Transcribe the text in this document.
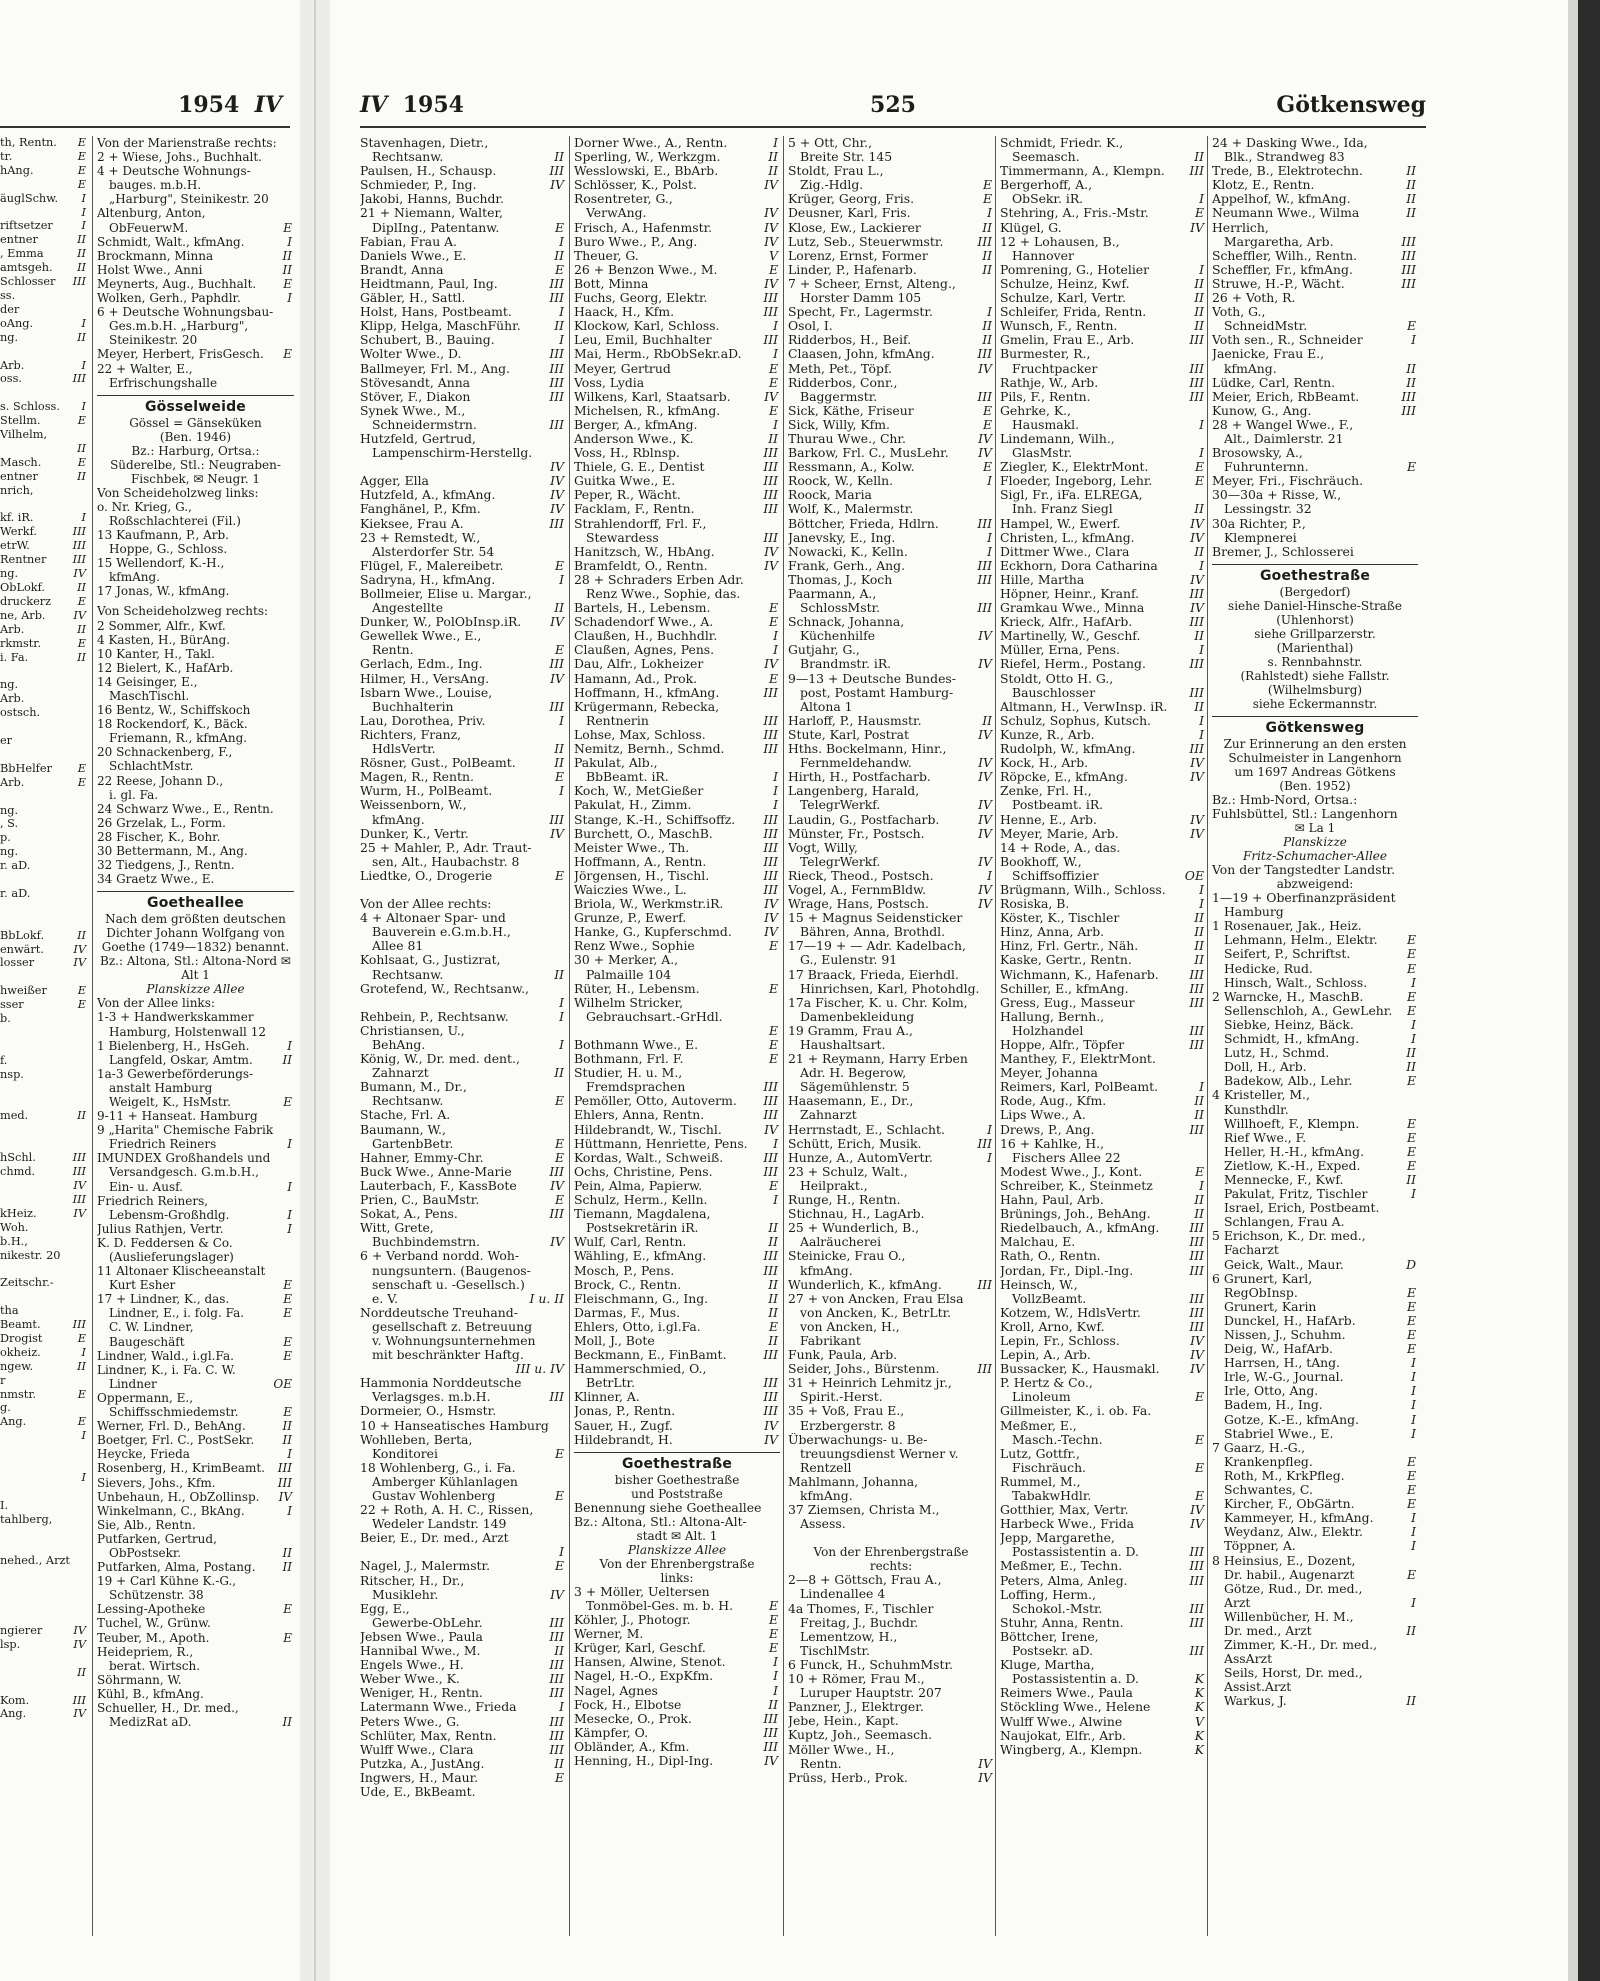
1954 IV
th, Rentn. E
tr.	E
hAng.	E
E
äuglSchw. I
I
riftsetzer	I
entner	II
, Emma	II
amtsgeh. II
Schlosser III
ss.
der
oAng.	I
ng.	II
Arb.	I
oss.	III
s. Schloss. I
Stellm.	E
Vilhelm,
II
Masch.	E
entner	II
nrich,
kf. iR.	I
Werkf.	III
etrW.	III
Rentner III
ng.	IV
ObLokf.	II
druckerz E
ne, Arb. IV
Arb.	II
rkmstr.	E
i. Fa.	II
ng.
Arb.
ostsch.
er
BbHelfer E
Arb.	E
ng.
, S.
p.
ng.
r. aD.
r. aD.
BbLokf.	II
enwärt.	IV
losser	IV
hweißer	E
sser	E
b.
f.
nsp.
med.	II
hSchl.	III
chmd.	III
IV
III
kHeiz.	IV
Woh.
b.H.,
nikestr. 20
Zeitschr.-
tha
Beamt.	III
Drogist	E
okheiz.	I
ngew.	II
r
nmstr.	E
g.
Ang.	E
I
I
I.
tahlberg,
nehed., Arzt
ngierer	IV
lsp.	IV
II
Kom.	III
Ang.	IV
Von der Marienstraße rechts:
2 + Wiese, Johs., Buchhalt.
4 + Deutsche Wohnungs-
bauges. m.b.H.
„Harburg", Steinikestr. 20
Altenburg, Anton,
ObFeuerwM.	E
Schmidt, Walt., kfmAng.	I
Brockmann, Minna	II
Holst Wwe., Anni	II
Meynerts, Aug., Buchhalt. E
Wolken, Gerh., Paphdlr.	I
6 + Deutsche Wohnungsbau-
Ges.m.b.H. „Harburg",
Steinikestr. 20
Meyer, Herbert, FrisGesch. E
22 + Walter, E.,
Erfrischungshalle
Gösselweide
Gössel = Gänseküken
(Ben. 1946)
Bz.: Harburg, Ortsa.: Süderelbe, Stl.: Neugraben-Fischbek, ✉ Neugr. 1
Von Scheideholzweg links:
o. Nr. Krieg, G.,
Roßschlachterei (Fil.)
13 Kaufmann, P., Arb.
Hoppe, G., Schloss.
15 Wellendorf, K.-H.,
kfmAng.
17 Jonas, W., kfmAng.
Von Scheideholzweg rechts:
2 Sommer, Alfr., Kwf.
4 Kasten, H., BürAng.
10 Kanter, H., Takl.
12 Bielert, K., HafArb.
14 Geisinger, E.,
MaschTischl.
16 Bentz, W., Schiffskoch
18 Rockendorf, K., Bäck.
Friemann, R., kfmAng.
20 Schnackenberg, F.,
SchlachtMstr.
22 Reese, Johann D.,
i. gl. Fa.
24 Schwarz Wwe., E., Rentn.
26 Grzelak, L., Form.
28 Fischer, K., Bohr.
30 Bettermann, M., Ang.
32 Tiedgens, J., Rentn.
34 Graetz Wwe., E.
Goetheallee
Nach dem größten deutschen Dichter Johann Wolfgang von Goethe (1749—1832) benannt.
Bz.: Altona, Stl.: Altona-Nord ✉ Alt 1
Planskizze Allee
Von der Allee links:
1-3 + Handwerkskammer
Hamburg, Holstenwall 12
1 Bielenberg, H., HsGeh.	I
Langfeld, Oskar, Amtm. II
1a-3 Gewerbeförderungs-
anstalt Hamburg
Weigelt, K., HsMstr.	E
9-11 + Hanseat. Hamburg
9 „Harita" Chemische Fabrik
Friedrich Reiners	I
IMUNDEX Großhandels und
Versandgesch. G.m.b.H.,
Ein- u. Ausf.	I
Friedrich Reiners,
Lebensm-Großhdlg.	I
Julius Rathjen, Vertr.	I
K. D. Feddersen & Co.
(Auslieferungslager)
11 Altonaer Klischeeanstalt
Kurt Esher	E
17 + Lindner, K., das.	E
Lindner, E., i. folg. Fa.	E
C. W. Lindner,
Baugeschäft	E
Lindner, Wald., i.gl.Fa.	E
Lindner, K., i. Fa. C. W.
Lindner	OE
Oppermann, E.,
Schiffsschmiedemstr.	E
Werner, Frl. D., BehAng.	II
Boetger, Frl. C., PostSekr. II
Heycke, Frieda	I
Rosenberg, H., KrimBeamt. III
Sievers, Johs., Kfm.	III
Unbehaun, H., ObZollinsp. IV
Winkelmann, C., BkAng.	I
Sie, Alb., Rentn.
Putfarken, Gertrud,
ObPostsekr.	II
Putfarken, Alma, Postang. II
19 + Carl Kühne K.-G.,
Schützenstr. 38
Lessing-Apotheke	E
Tuchel, W., Grünw.
Teuber, M., Apoth.	E
Heidepriem, R.,
berat. Wirtsch.
Söhrmann, W.
Kühl, B., kfmAng.
Schueller, H., Dr. med.,
MedizRat aD.	II
IV 1954	525	Götkensweg
Stavenhagen, Dietr.,
Rechtsanw.	II
Paulsen, H., Schausp.	III
Schmieder, P., Ing.	IV
Jakobi, Hanns, Buchdr.
21 + Niemann, Walter,
DiplIng., Patentanw.	E
Fabian, Frau A.	I
Daniels Wwe., E.	II
Brandt, Anna	E
Heidtmann, Paul, Ing.	III
Gäbler, H., Sattl.	III
Holst, Hans, Postbeamt.	I
Klipp, Helga, MaschFühr.	II
Schubert, B., Bauing.	I
Wolter Wwe., D.	III
Ballmeyer, Frl. M., Ang.	III
Stövesandt, Anna	III
Stöver, F., Diakon	III
Synek Wwe., M.,
Schneidermstrn.	III
Hutzfeld, Gertrud,
Lampenschirm-Herstellg.
IV
Agger, Ella	IV
Hutzfeld, A., kfmAng.	IV
Fanghänel, P., Kfm.	IV
Kieksee, Frau A.	III
23 + Remstedt, W.,
Alsterdorfer Str. 54
Flügel, F., Malereibetr.	E
Sadryna, H., kfmAng.	I
Bollmeier, Elise u. Margar.,
Angestellte	II
Dunker, W., PolObInsp.iR. IV
Gewellek Wwe., E.,
Rentn.	E
Gerlach, Edm., Ing.	III
Hilmer, H., VersAng.	IV
Isbarn Wwe., Louise,
Buchhalterin	III
Lau, Dorothea, Priv.	I
Richters, Franz,
HdlsVertr.	II
Rösner, Gust., PolBeamt.	II
Magen, R., Rentn.	E
Wurm, H., PolBeamt.	I
Weissenborn, W.,
kfmAng.	III
Dunker, K., Vertr.	IV
25 + Mahler, P., Adr. Traut-
sen, Alt., Haubachstr. 8
Liedtke, O., Drogerie	E
Von der Allee rechts:
4 + Altonaer Spar- und
Bauverein e.G.m.b.H.,
Allee 81
Kohlsaat, G., Justizrat,
Rechtsanw.	II
Grotefend, W., Rechtsanw.,
I
Rehbein, P., Rechtsanw.	I
Christiansen, U.,
BehAng.	I
König, W., Dr. med. dent.,
Zahnarzt	II
Bumann, M., Dr.,
Rechtsanw.	E
Stache, Frl. A.
Baumann, W.,
GartenbBetr.	E
Hahner, Emmy-Chr.	E
Buck Wwe., Anne-Marie	III
Lauterbach, F., KassBote	IV
Prien, C., BauMstr.	E
Sokat, A., Pens.	III
Witt, Grete,
Buchbindemstrn.	IV
6 + Verband nordd. Woh-
nungsuntern. (Baugenos-
senschaft u. -Gesellsch.)
e. V.	I u. II
Norddeutsche Treuhand-
gesellschaft z. Betreuung
v. Wohnungsunternehmen
mit beschränkter Haftg.
III u. IV
Hammonia Norddeutsche
Verlagsges. m.b.H.	III
Dormeier, O., Hsmstr.
10 + Hanseatisches Hamburg
Wohlleben, Berta,
Konditorei	E
18 Wohlenberg, G., i. Fa.
Amberger Kühlanlagen
Gustav Wohlenberg	E
22 + Roth, A. H. C., Rissen,
Wedeler Landstr. 149
Beier, E., Dr. med., Arzt
I
Nagel, J., Malermstr.	E
Ritscher, H., Dr.,
Musiklehr.	IV
Egg, E.,
Gewerbe-ObLehr.	III
Jebsen Wwe., Paula	III
Hannibal Wwe., M.	II
Engels Wwe., H.	III
Weber Wwe., K.	III
Weniger, H., Rentn.	III
Latermann Wwe., Frieda	I
Peters Wwe., G.	III
Schlüter, Max, Rentn.	III
Wulff Wwe., Clara	III
Putzka, A., JustAng.	II
Ingwers, H., Maur.	E
Ude, E., BkBeamt.
Dorner Wwe., A., Rentn.	I
Sperling, W., Werkzgm.	II
Wesslowski, E., BbArb.	II
Schlösser, K., Polst.	IV
Rosentreter, G.,
VerwAng.	IV
Frisch, A., Hafenmstr.	IV
Buro Wwe., P., Ang.	IV
Theuer, G.	V
26 + Benzon Wwe., M.	E
Bott, Minna	IV
Fuchs, Georg, Elektr.	III
Haack, H., Kfm.	III
Klockow, Karl, Schloss.	I
Leu, Emil, Buchhalter	III
Mai, Herm., RbObSekr.aD.	I
Meyer, Gertrud	E
Voss, Lydia	E
Wilkens, Karl, Staatsarb.	IV
Michelsen, R., kfmAng.	E
Berger, A., kfmAng.	I
Anderson Wwe., K.	II
Voss, H., Rblnsp.	III
Thiele, G. E., Dentist	III
Guitka Wwe., E.	III
Peper, R., Wächt.	III
Facklam, F., Rentn.	III
Strahlendorff, Frl. F.,
Stewardess	III
Hanitzsch, W., HbAng.	IV
Bramfeldt, O., Rentn.	IV
28 + Schraders Erben Adr.
Renz Wwe., Sophie, das.
Bartels, H., Lebensm.	E
Schadendorf Wwe., A.	E
Claußen, H., Buchhdlr.	I
Claußen, Agnes, Pens.	I
Dau, Alfr., Lokheizer	IV
Hamann, Ad., Prok.	E
Hoffmann, H., kfmAng.	III
Krügermann, Rebecka,
Rentnerin	III
Lohse, Max, Schloss.	III
Nemitz, Bernh., Schmd.	III
Pakulat, Alb.,
BbBeamt. iR.	I
Koch, W., MetGießer	I
Pakulat, H., Zimm.	I
Stange, K.-H., Schiffsoffz. III
Burchett, O., MaschB.	III
Meister Wwe., Th.	III
Hoffmann, A., Rentn.	III
Jörgensen, H., Tischl.	III
Waiczies Wwe., L.	III
Briola, W., Werkmstr.iR.	IV
Grunze, P., Ewerf.	IV
Hanke, G., Kupferschmd.	IV
Renz Wwe., Sophie	E
30 + Merker, A.,
Palmaille 104
Rüter, H., Lebensm.	E
Wilhelm Stricker,
Gebrauchsart.-GrHdl.
E
Bothmann Wwe., E.	E
Bothmann, Frl. F.	E
Studier, H. u. M.,
Fremdsprachen	III
Pemöller, Otto, Autoverm. III
Ehlers, Anna, Rentn.	III
Hildebrandt, W., Tischl.	IV
Hüttmann, Henriette, Pens. I
Kordas, Walt., Schweiß.	III
Ochs, Christine, Pens.	III
Pein, Alma, Papierw.	E
Schulz, Herm., Kelln.	I
Tiemann, Magdalena,
Postsekretärin iR.	II
Wulf, Carl, Rentn.	II
Wähling, E., kfmAng.	III
Mosch, P., Pens.	III
Brock, C., Rentn.	II
Fleischmann, G., Ing.	II
Darmas, F., Mus.	II
Ehlers, Otto, i.gl.Fa.	E
Moll, J., Bote	II
Beckmann, E., FinBamt.	III
Hammerschmied, O.,
BetrLtr.	III
Klinner, A.	III
Jonas, P., Rentn.	III
Sauer, H., Zugf.	IV
Hildebrandt, H.	IV
Goethestraße
bisher Goethestraße
und Poststraße
Benennung siehe Goetheallee
Bz.: Altona, Stl.: Altona-Alt-
stadt ✉ Alt. 1
Planskizze Allee
Von der Ehrenbergstraße
links:
3 + Möller, Ueltersen
Tonmöbel-Ges. m. b. H.	E
Köhler, J., Photogr.	E
Werner, M.	E
Krüger, Karl, Geschf.	E
Hansen, Alwine, Stenot.	I
Nagel, H.-O., ExpKfm.	I
Nagel, Agnes	I
Fock, H., Elbotse	II
Mesecke, O., Prok.	III
Kämpfer, O.	III
Obländer, A., Kfm.	III
Henning, H., Dipl-Ing.	IV
5 + Ott, Chr.,
Breite Str. 145
Stoldt, Frau L.,
Zig.-Hdlg.	E
Krüger, Georg, Fris.	E
Deusner, Karl, Fris.	I
Klose, Ew., Lackierer	II
Lutz, Seb., Steuerwmstr.	III
Lorenz, Ernst, Former	II
Linder, P., Hafenarb.	II
7 + Scheer, Ernst, Alteng.,
Horster Damm 105
Specht, Fr., Lagermstr.	I
Osol, I.	II
Ridderbos, H., Beif.	II
Claasen, John, kfmAng.	III
Meth, Pet., Töpf.	IV
Ridderbos, Conr.,
Baggermstr.	III
Sick, Käthe, Friseur	E
Sick, Willy, Kfm.	E
Thurau Wwe., Chr.	IV
Barkow, Frl. C., MusLehr. IV
Ressmann, A., Kolw.	E
Roock, W., Kelln.	I
Roock, Maria
Wolf, K., Malermstr.
Böttcher, Frieda, Hdlrn.	III
Janevsky, E., Ing.	I
Nowacki, K., Kelln.	I
Frank, Gerh., Ang.	III
Thomas, J., Koch	III
Paarmann, A.,
SchlossMstr.	III
Schnack, Johanna,
Küchenhilfe	IV
Gutjahr, G.,
Brandmstr. iR.	IV
9—13 + Deutsche Bundes-
post, Postamt Hamburg-
Altona 1
Harloff, P., Hausmstr.	II
Stute, Karl, Postrat	IV
Hths. Bockelmann, Hinr.,
Fernmeldehandw.	IV
Hirth, H., Postfacharb.	IV
Langenberg, Harald,
TelegrWerkf.	IV
Laudin, G., Postfacharb.	IV
Münster, Fr., Postsch.	IV
Vogt, Willy,
TelegrWerkf.	IV
Rieck, Theod., Postsch.	I
Vogel, A., FernmBldw.	IV
Wrage, Hans, Postsch.	IV
15 + Magnus Seidensticker
Bähren, Anna, Brothdl.
17—19 + — Adr. Kadelbach,
G., Eulenstr. 91
17 Braack, Frieda, Eierhdl.
Hinrichsen, Karl, Photohdlg.
17a Fischer, K. u. Chr. Kolm,
Damenbekleidung
19 Gramm, Frau A.,
Haushaltsart.
21 + Reymann, Harry Erben
Adr. H. Begerow,
Sägemühlenstr. 5
Haasemann, E., Dr.,
Zahnarzt
Herrnstadt, E., Schlacht.	I
Schütt, Erich, Musik.	III
Hunze, A., AutomVertr.	I
23 + Schulz, Walt.,
Heilprakt.,
Runge, H., Rentn.
Stichnau, H., LagArb.
25 + Wunderlich, B.,
Aalräucherei
Steinicke, Frau O.,
kfmAng.
Wunderlich, K., kfmAng.	III
27 + von Ancken, Frau Elsa
von Ancken, K., BetrLtr.
von Ancken, H.,
Fabrikant
Funk, Paula, Arb.
Seider, Johs., Bürstenm.	III
31 + Heinrich Lehmitz jr.,
Spirit.-Herst.
35 + Voß, Frau E.,
Erzbergerstr. 8
Überwachungs- u. Be-
treuungsdienst Werner v.
Rentzell
Mahlmann, Johanna,
kfmAng.
37 Ziemsen, Christa M.,
Assess.
Von der Ehrenbergstraße
rechts:
2—8 + Göttsch, Frau A.,
Lindenallee 4
4a Thomes, F., Tischler
Freitag, J., Buchdr.
Lementzow, H.,
TischlMstr.
6 Funck, H., SchuhmMstr.
10 + Römer, Frau M.,
Luruper Hauptstr. 207
Panzner, J., Elektrger.
Jebe, Hein., Kapt.
Kuptz, Joh., Seemasch.
Möller Wwe., H.,
Rentn.	IV
Prüss, Herb., Prok.	IV
Schmidt, Friedr. K.,
Seemasch.	II
Timmermann, A., Klempn. III
Bergerhoff, A.,
ObSekr. iR.	I
Stehring, A., Fris.-Mstr.	E
Klügel, G.	IV
12 + Lohausen, B.,
Hannover
Pomrening, G., Hotelier	I
Schulze, Heinz, Kwf.	II
Schulze, Karl, Vertr.	II
Schleifer, Frida, Rentn.	II
Wunsch, F., Rentn.	II
Gmelin, Frau E., Arb.	III
Burmester, R.,
Fruchtpacker	III
Rathje, W., Arb.	III
Pils, F., Rentn.	III
Gehrke, K.,
Hausmakl.	I
Lindemann, Wilh.,
GlasMstr.	I
Ziegler, K., ElektrMont.	E
Floeder, Ingeborg, Lehr.	E
Sigl, Fr., iFa. ELREGA,
Inh. Franz Siegl	II
Hampel, W., Ewerf.	IV
Christen, L., kfmAng.	IV
Dittmer Wwe., Clara	II
Eckhorn, Dora Catharina	I
Hille, Martha	IV
Höpner, Heinr., Kranf.	III
Gramkau Wwe., Minna	IV
Krieck, Alfr., HafArb.	III
Martinelly, W., Geschf.	II
Müller, Erna, Pens.	I
Riefel, Herm., Postang.	III
Stoldt, Otto H. G.,
Bauschlosser	III
Altmann, H., VerwInsp. iR. II
Schulz, Sophus, Kutsch.	I
Kunze, R., Arb.	I
Rudolph, W., kfmAng.	III
Kock, H., Arb.	IV
Röpcke, E., kfmAng.	IV
Zenke, Frl. H.,
Postbeamt. iR.
Henne, E., Arb.	IV
Meyer, Marie, Arb.	IV
14 + Rode, A., das.
Bookhoff, W.,
Schiffsoffizier	OE
Brügmann, Wilh., Schloss.	I
Rosiska, B.	I
Köster, K., Tischler	II
Hinz, Anna, Arb.	II
Hinz, Frl. Gertr., Näh.	II
Kaske, Gertr., Rentn.	II
Wichmann, K., Hafenarb. III
Schiller, E., kfmAng.	III
Gress, Eug., Masseur	III
Hallung, Bernh.,
Holzhandel	III
Hoppe, Alfr., Töpfer	III
Manthey, F., ElektrMont.
Meyer, Johanna
Reimers, Karl, PolBeamt.	I
Rode, Aug., Kfm.	II
Lips Wwe., A.	II
Drews, P., Ang.	III
16 + Kahlke, H.,
Fischers Allee 22
Modest Wwe., J., Kont.	E
Schreiber, K., Steinmetz	I
Hahn, Paul, Arb.	II
Brünings, Joh., BehAng.	II
Riedelbauch, A., kfmAng. III
Malchau, E.	III
Rath, O., Rentn.	III
Jordan, Fr., Dipl.-Ing.	III
Heinsch, W.,
VollzBeamt.	III
Kotzem, W., HdlsVertr.	III
Kroll, Arno, Kwf.	III
Lepin, Fr., Schloss.	IV
Lepin, A., Arb.	IV
Bussacker, K., Hausmakl. IV
P. Hertz & Co.,
Linoleum	E
Gillmeister, K., i. ob. Fa.
Meßmer, E.,
Masch.-Techn.	E
Lutz, Gottfr.,
Fischräuch.	E
Rummel, M.,
TabakwHdlr.	E
Gotthier, Max, Vertr.	IV
Harbeck Wwe., Frida	IV
Jepp, Margarethe,
Postassistentin a. D.	III
Meßmer, E., Techn.	III
Peters, Alma, Anleg.	III
Loffing, Herm.,
Schokol.-Mstr.	III
Stuhr, Anna, Rentn.	III
Böttcher, Irene,
Postsekr. aD.	III
Kluge, Martha,
Postassistentin a. D.	K
Reimers Wwe., Paula	K
Stöckling Wwe., Helene	K
Wulff Wwe., Alwine	V
Naujokat, Elfr., Arb.	K
Wingberg, A., Klempn.	K
24 + Dasking Wwe., Ida,
Blk., Strandweg 83
Trede, B., Elektrotechn.	II
Klotz, E., Rentn.	II
Appelhof, W., kfmAng.	II
Neumann Wwe., Wilma	II
Herrlich,
Margaretha, Arb.	III
Scheffler, Wilh., Rentn.	III
Scheffler, Fr., kfmAng.	III
Struwe, H.-P., Wächt.	III
26 + Voth, R.
Voth, G.,
SchneidMstr.	E
Voth sen., R., Schneider	I
Jaenicke, Frau E.,
kfmAng.	II
Lüdke, Carl, Rentn.	II
Meier, Erich, RbBeamt.	III
Kunow, G., Ang.	III
28 + Wangel Wwe., F.,
Alt., Daimlerstr. 21
Brosowsky, A.,
Fuhrunternn.	E
Meyer, Fri., Fischräuch.
30—30a + Risse, W.,
Lessingstr. 32
30a Richter, P.,
Klempnerei
Bremer, J., Schlosserei
Goethestraße
(Bergedorf)
siehe Daniel-Hinsche-Straße
(Uhlenhorst)
siehe Grillparzerstr.
(Marienthal)
s. Rennbahnstr.
(Rahlstedt) siehe Fallstr.
(Wilhelmsburg)
siehe Eckermannstr.
Götkensweg
Zur Erinnerung an den ersten
Schulmeister in Langenhorn
um 1697 Andreas Götkens
(Ben. 1952)
Bz.: Hmb-Nord, Ortsa.:
Fuhlsbüttel, Stl.: Langenhorn
✉ La 1
Planskizze
Fritz-Schumacher-Allee
Von der Tangstedter Landstr.
abzweigend:
1—19 + Oberfinanzpräsident
Hamburg
1 Rosenauer, Jak., Heiz.
Lehmann, Helm., Elektr. E
Seifert, P., Schriftst.	E
Hedicke, Rud.	E
Hinsch, Walt., Schloss.	I
2 Warncke, H., MaschB.	E
Sellenschloh, A., GewLehr. E
Siebke, Heinz, Bäck.	I
Schmidt, H., kfmAng.	I
Lutz, H., Schmd.	II
Doll, H., Arb.	II
Badekow, Alb., Lehr.	E
4 Kristeller, M.,
Kunsthdlr.
Willhoeft, F., Klempn.	E
Rief Wwe., F.	E
Heller, H.-H., kfmAng.	E
Zietlow, K.-H., Exped.	E
Mennecke, F., Kwf.	II
Pakulat, Fritz, Tischler	I
Israel, Erich, Postbeamt.
Schlangen, Frau A.
5 Erichson, K., Dr. med.,
Facharzt
Geick, Walt., Maur.	D
6 Grunert, Karl,
RegObInsp.	E
Grunert, Karin	E
Dunckel, H., HafArb.	E
Nissen, J., Schuhm.	E
Deig, W., HafArb.	E
Harrsen, H., tAng.	I
Irle, W.-G., Journal.	I
Irle, Otto, Ang.	I
Badem, H., Ing.	I
Gotze, K.-E., kfmAng.	I
Stabriel Wwe., E.	I
7 Gaarz, H.-G.,
Krankenpfleg.	E
Roth, M., KrkPfleg.	E
Schwantes, C.	E
Kircher, F., ObGärtn.	E
Kammeyer, H., kfmAng.	I
Weydanz, Alw., Elektr.	I
Töppner, A.	I
8 Heinsius, E., Dozent,
Dr. habil., Augenarzt	E
Götze, Rud., Dr. med.,
Arzt	I
Willenbücher, H. M.,
Dr. med., Arzt	II
Zimmer, K.-H., Dr. med.,
AssArzt
Seils, Horst, Dr. med.,
Assist.Arzt
Warkus, J.	II
